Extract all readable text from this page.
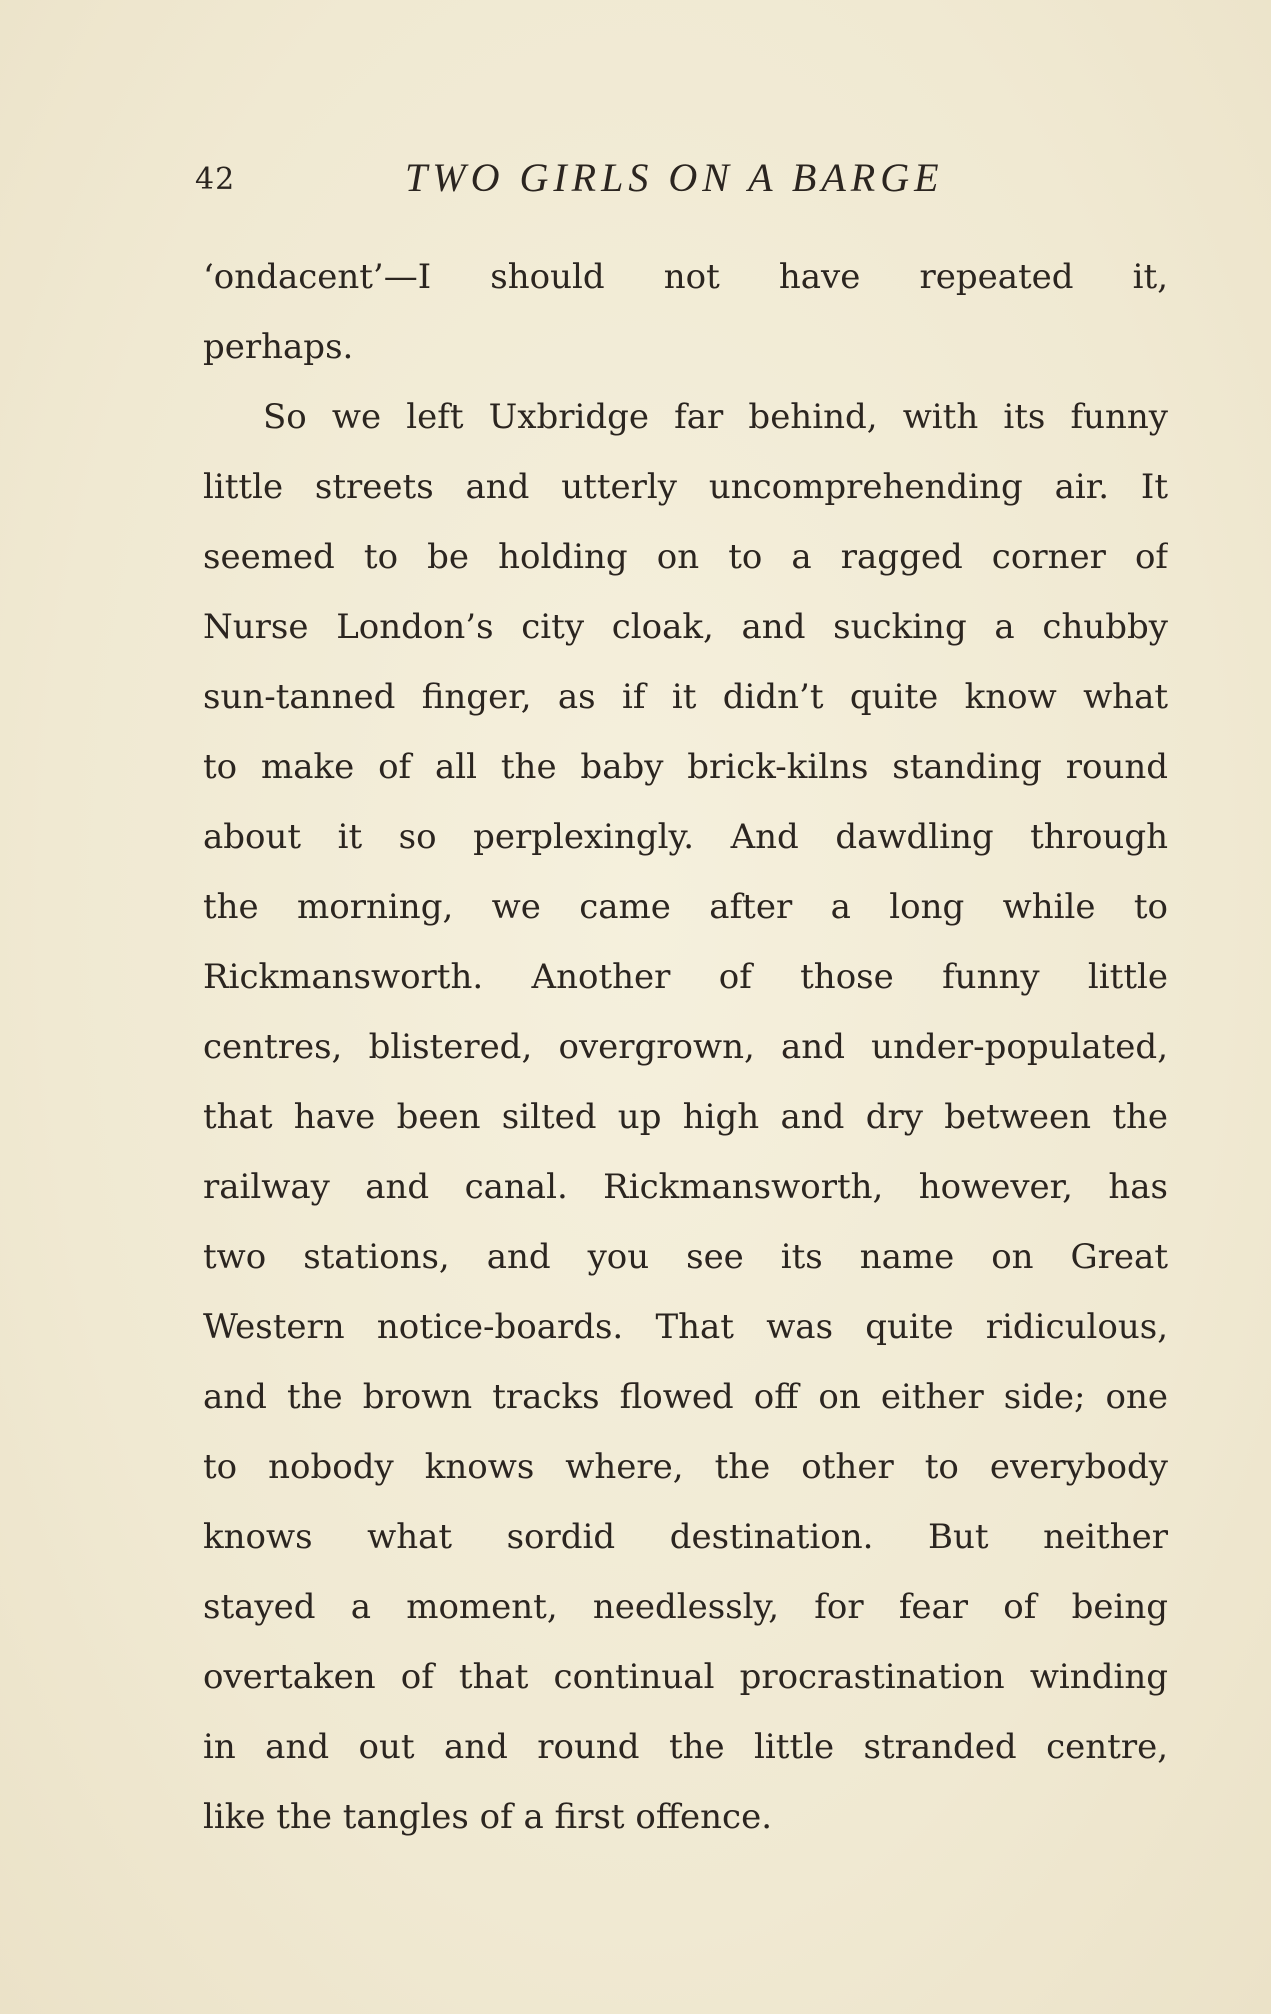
42	TWO GIRLS ON A BARGE
‘ondacent’—I should not have repeated it,
perhaps.
So we left Uxbridge far behind, with its funny
little streets and utterly uncomprehending air. It
seemed to be holding on to a ragged corner of
Nurse London’s city cloak, and sucking a chubby
sun-tanned finger, as if it didn’t quite know what
to make of all the baby brick-kilns standing round
about it so perplexingly. And dawdling through
the morning, we came after a long while to
Rickmansworth. Another of those funny little
centres, blistered, overgrown, and under-populated,
that have been silted up high and dry between the
railway and canal. Rickmansworth, however, has
two stations, and you see its name on Great
Western notice-boards. That was quite ridiculous,
and the brown tracks flowed off on either side; one
to nobody knows where, the other to everybody
knows what sordid destination. But neither
stayed a moment, needlessly, for fear of being
overtaken of that continual procrastination winding
in and out and round the little stranded centre,
like the tangles of a first offence.
